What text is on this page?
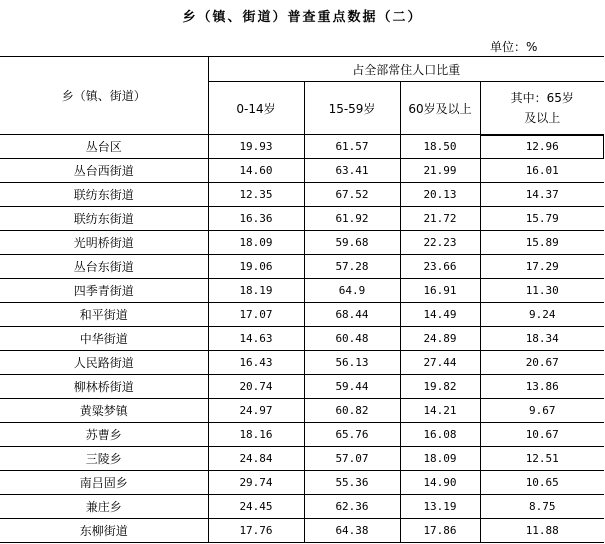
乡（镇、街道）普查重点数据（二）
单位：%
乡（镇、街道）	占全部常住人口比重			
	0-14岁	15-59岁	60岁及以上	其中：65岁
及以上

丛台区	19.93	61.57	18.50	12.96
丛台西街道	14.60	63.41	21.99	16.01
联纺东街道	12.35	67.52	20.13	14.37
联纺东街道	16.36	61.92	21.72	15.79
光明桥街道	18.09	59.68	22.23	15.89
丛台东街道	19.06	57.28	23.66	17.29
四季青街道	18.19	64.9	16.91	11.30
和平街道	17.07	68.44	14.49	9.24
中华街道	14.63	60.48	24.89	18.34
人民路街道	16.43	56.13	27.44	20.67
柳林桥街道	20.74	59.44	19.82	13.86
黄粱梦镇	24.97	60.82	14.21	9.67
苏曹乡	18.16	65.76	16.08	10.67
三陵乡	24.84	57.07	18.09	12.51
南吕固乡	29.74	55.36	14.90	10.65
兼庄乡	24.45	62.36	13.19	8.75
东柳街道	17.76	64.38	17.86	11.88
